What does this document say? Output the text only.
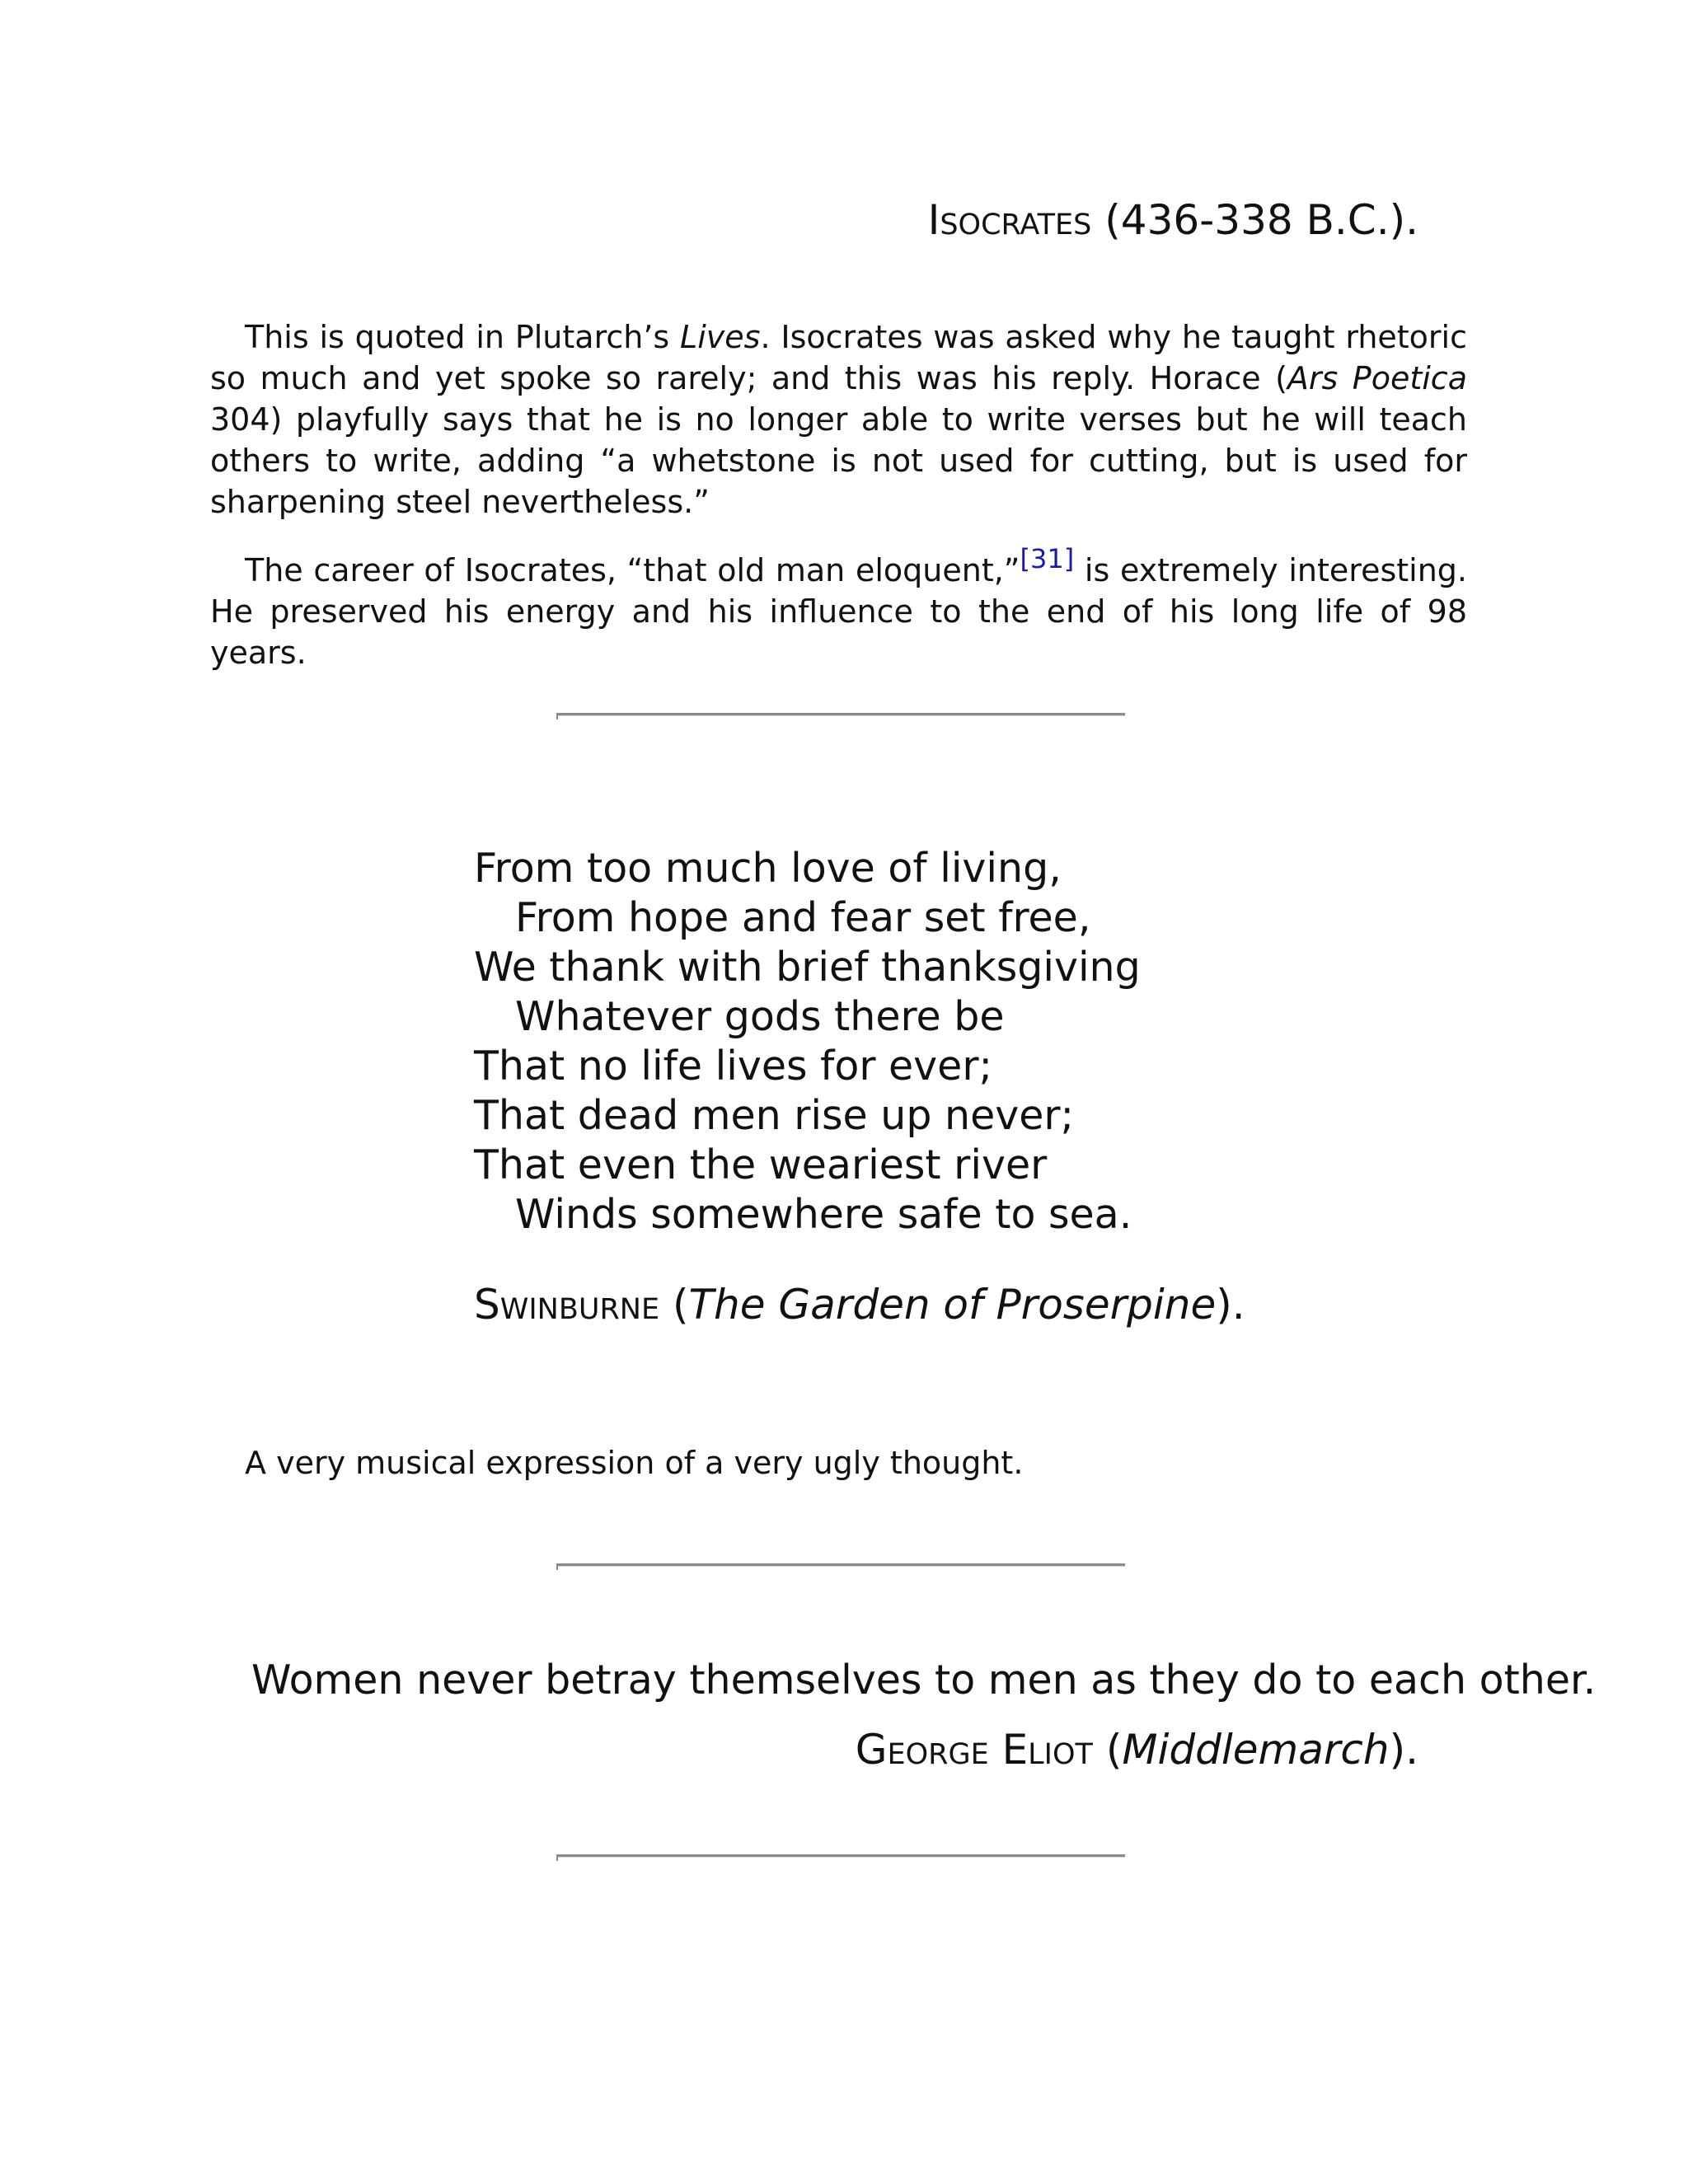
Isocrates (436-338 B.C.).

This is quoted in Plutarch’s Lives. Isocrates was asked why he taught rhetoric so much and yet spoke so rarely; and this was his reply. Horace (Ars Poetica 304) playfully says that he is no longer able to write verses but he will teach others to write, adding “a whetstone is not used for cutting, but is used for sharpening steel nevertheless.”

The career of Isocrates, “that old man eloquent,”[31] is extremely interesting. He preserved his energy and his influence to the end of his long life of 98 years.

From too much love of living,
From hope and fear set free,
We thank with brief thanksgiving
Whatever gods there be
That no life lives for ever;
That dead men rise up never;
That even the weariest river
Winds somewhere safe to sea.
Swinburne (The Garden of Proserpine).
A very musical expression of a very ugly thought.
Women never betray themselves to men as they do to each other.
George Eliot (Middlemarch).
